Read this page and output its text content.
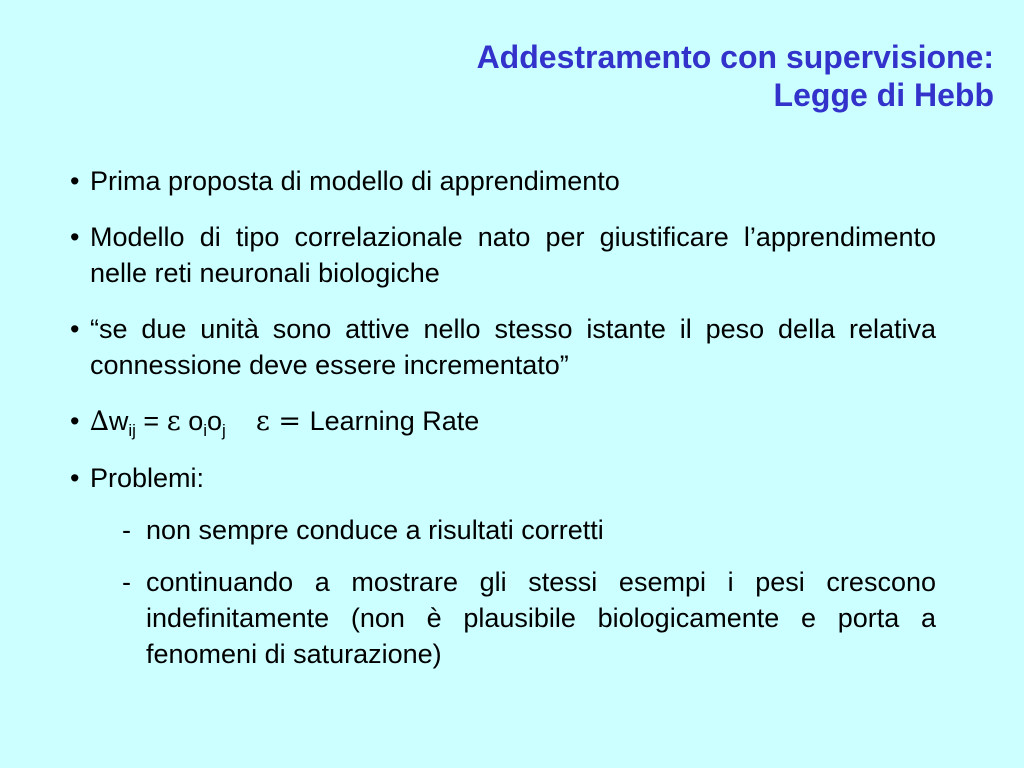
Addestramento con supervisione:
Legge di Hebb
• Prima proposta di modello di apprendimento
• Modello di tipo correlazionale nato per giustificare l’apprendimento nelle reti neuronali biologiche
• “se due unità sono attive nello stesso istante il peso della relativa connessione deve essere incrementato”
• $\Delta w_{ij} = \varepsilon$ $o_io_j$ ε = Learning Rate
• Problemi:
- non sempre conduce a risultati corretti
- continuando a mostrare gli stessi esempi i pesi crescono indefinitamente (non è plausibile biologicamente e porta a fenomeni di saturazione)
